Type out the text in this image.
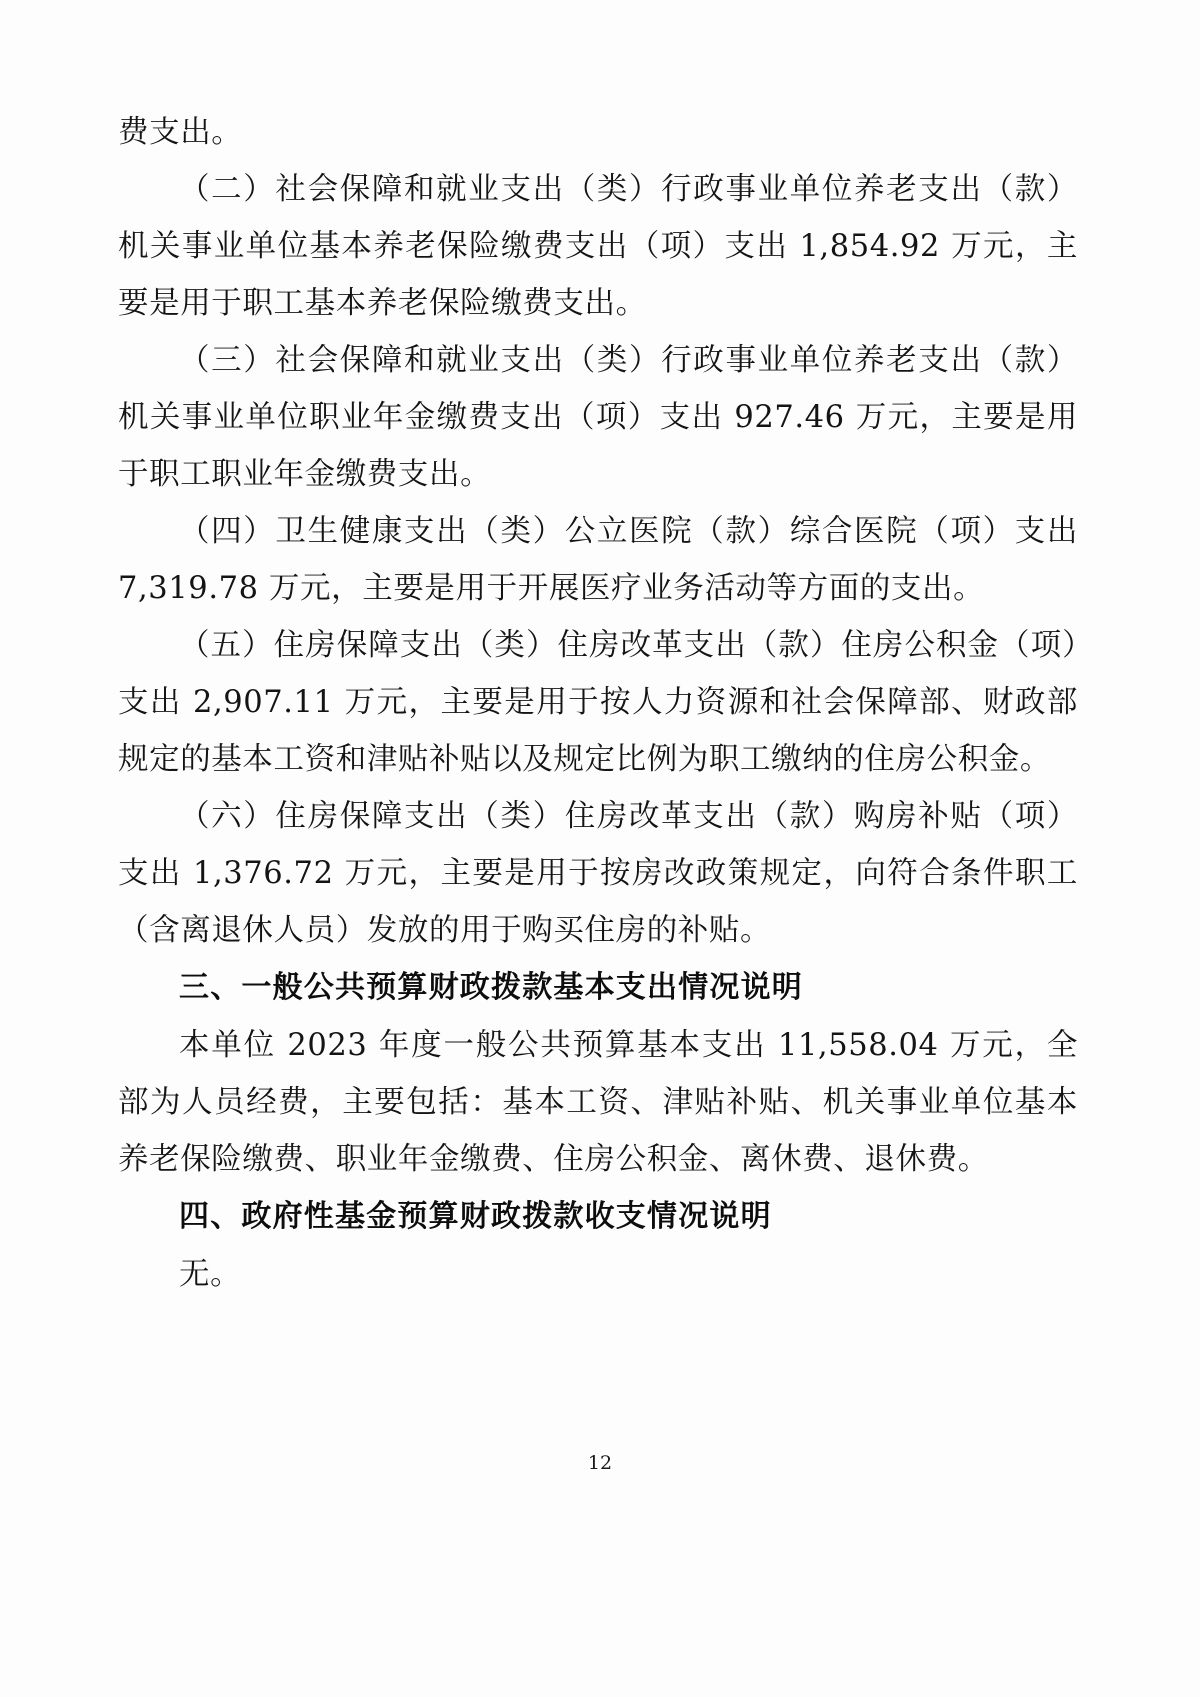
费支出。

（二）社会保障和就业支出（类）行政事业单位养老支出（款）机关事业单位基本养老保险缴费支出（项）支出 1,854.92 万元，主要是用于职工基本养老保险缴费支出。

（三）社会保障和就业支出（类）行政事业单位养老支出（款）机关事业单位职业年金缴费支出（项）支出 927.46 万元，主要是用于职工职业年金缴费支出。

（四）卫生健康支出（类）公立医院（款）综合医院（项）支出 7,319.78 万元，主要是用于开展医疗业务活动等方面的支出。

（五）住房保障支出（类）住房改革支出（款）住房公积金（项）支出 2,907.11 万元，主要是用于按人力资源和社会保障部、财政部规定的基本工资和津贴补贴以及规定比例为职工缴纳的住房公积金。

（六）住房保障支出（类）住房改革支出（款）购房补贴（项）支出 1,376.72 万元，主要是用于按房改政策规定，向符合条件职工（含离退休人员）发放的用于购买住房的补贴。

三、一般公共预算财政拨款基本支出情况说明

本单位 2023 年度一般公共预算基本支出 11,558.04 万元，全部为人员经费，主要包括：基本工资、津贴补贴、机关事业单位基本养老保险缴费、职业年金缴费、住房公积金、离休费、退休费。

四、政府性基金预算财政拨款收支情况说明

无。

12
